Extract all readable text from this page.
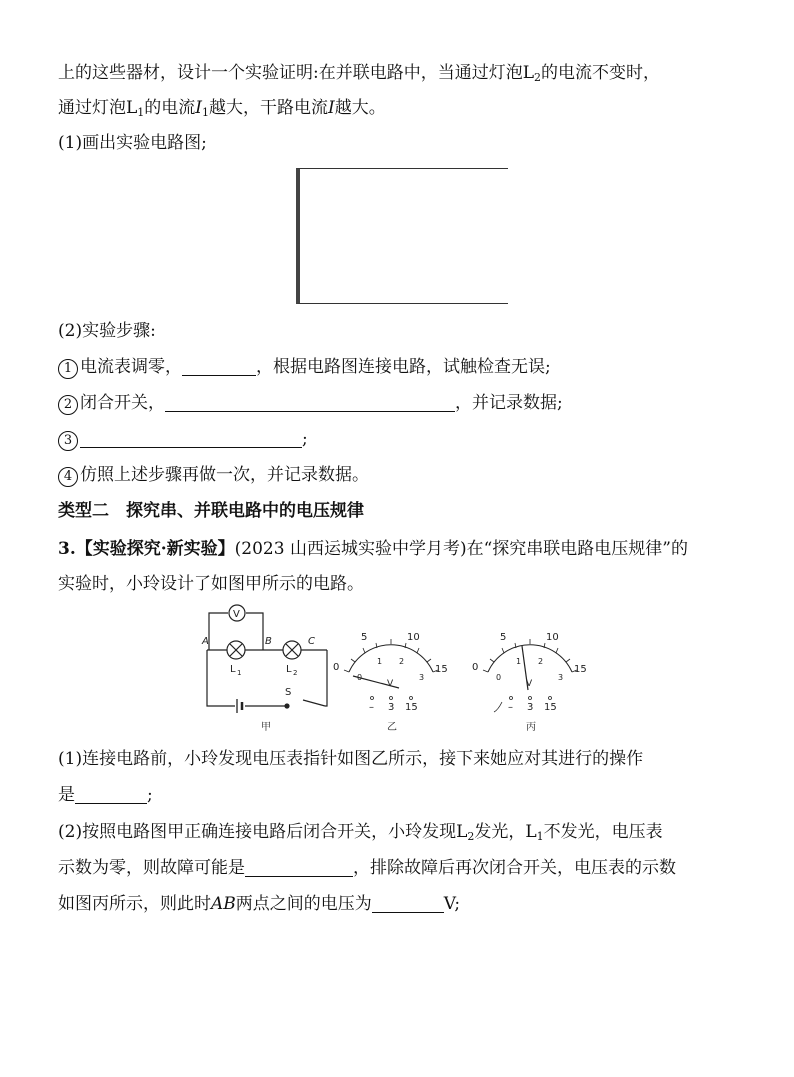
上的这些器材，设计一个实验证明:在并联电路中，当通过灯泡$L_2$的电流不变时，
通过灯泡$L_1$的电流$I_1$越大，干路电流I越大。
(1)画出实验电路图;
(2)实验步骤:
1 电流表调零，	，根据电路图连接电路，试触检查无误;
2 闭合开关，	，并记录数据;
3	;
4 仿照上述步骤再做一次，并记录数据。
类型二　探究串、并联电路中的电压规律
3.【实验探究·新实验】(2023 山西运城实验中学月考)在“探究串联电路电压规律”的
实验时，小玲设计了如图甲所示的电路。
A	B	C
V
L 1	L 2
S
甲
0
5	10
15
0
1 2
3
V
– 3 15
乙
0
5	10
15
0
1 2
3
V
– 3 15
丙
(1)连接电路前，小玲发现电压表指针如图乙所示，接下来她应对其进行的操作
是	;
(2)按照电路图甲正确连接电路后闭合开关，小玲发现$L_2$发光，$L_1$不发光，电压表
示数为零，则故障可能是	，排除故障后再次闭合开关，电压表的示数
如图丙所示，则此时AB两点之间的电压为	V;
